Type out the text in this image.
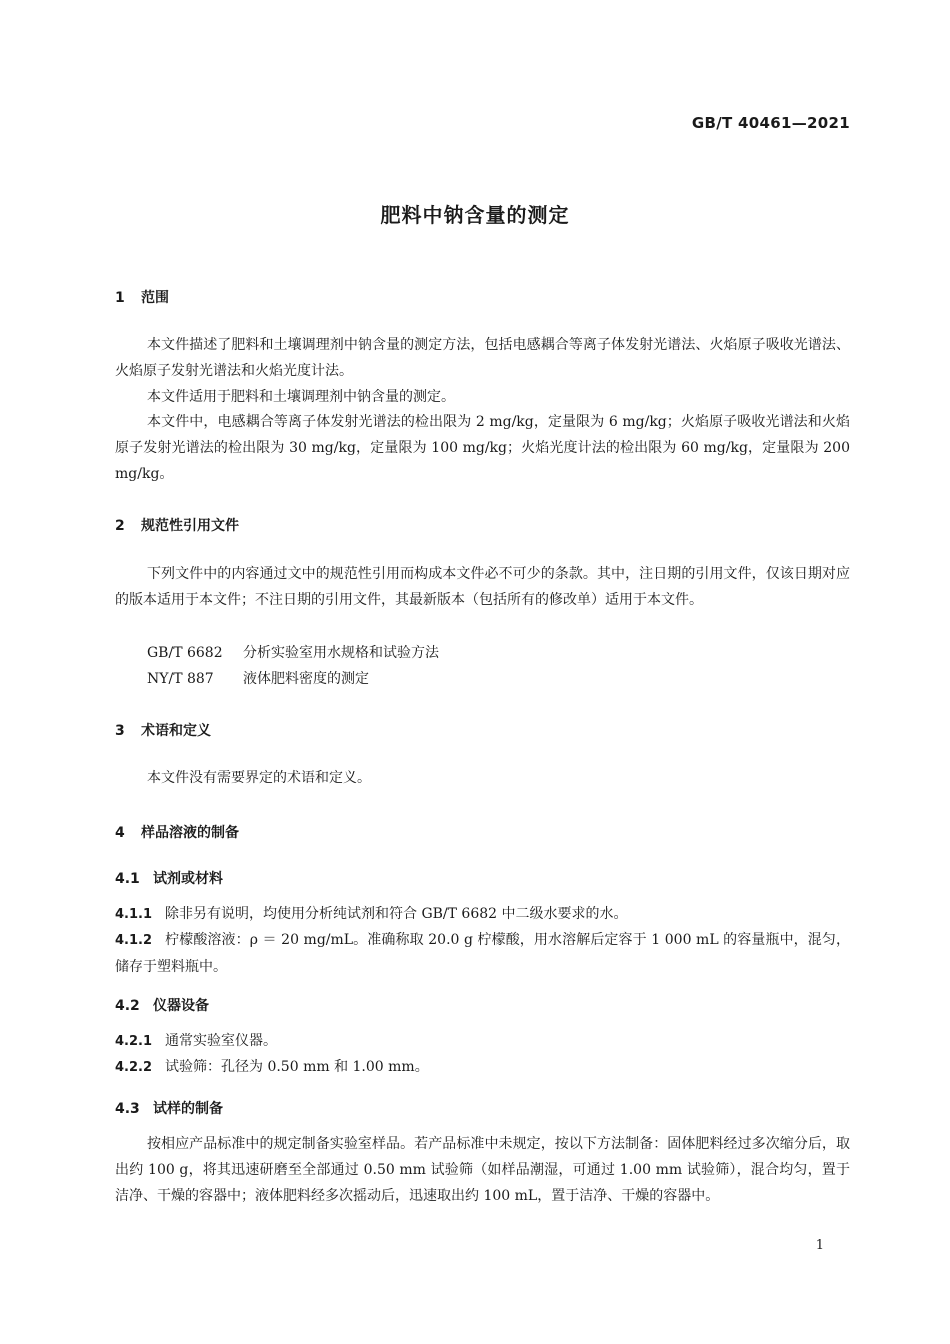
GB/T 40461—2021
肥料中钠含量的测定
1 范围
本文件描述了肥料和土壤调理剂中钠含量的测定方法，包括电感耦合等离子体发射光谱法、火焰原子吸收光谱法、火焰原子发射光谱法和火焰光度计法。
本文件适用于肥料和土壤调理剂中钠含量的测定。
本文件中，电感耦合等离子体发射光谱法的检出限为 2 mg/kg，定量限为 6 mg/kg；火焰原子吸收光谱法和火焰原子发射光谱法的检出限为 30 mg/kg，定量限为 100 mg/kg；火焰光度计法的检出限为 60 mg/kg，定量限为 200 mg/kg。
2 规范性引用文件
下列文件中的内容通过文中的规范性引用而构成本文件必不可少的条款。其中，注日期的引用文件，仅该日期对应的版本适用于本文件；不注日期的引用文件，其最新版本（包括所有的修改单）适用于本文件。
GB/T 6682 分析实验室用水规格和试验方法
NY/T 887 液体肥料密度的测定
3 术语和定义
本文件没有需要界定的术语和定义。
4 样品溶液的制备
4.1 试剂或材料
4.1.1 除非另有说明，均使用分析纯试剂和符合 GB/T 6682 中二级水要求的水。
4.1.2 柠檬酸溶液：ρ ＝ 20 mg/mL。准确称取 20.0 g 柠檬酸，用水溶解后定容于 1 000 mL 的容量瓶中，混匀，储存于塑料瓶中。
4.2 仪器设备
4.2.1 通常实验室仪器。
4.2.2 试验筛：孔径为 0.50 mm 和 1.00 mm。
4.3 试样的制备
按相应产品标准中的规定制备实验室样品。若产品标准中未规定，按以下方法制备：固体肥料经过多次缩分后，取出约 100 g，将其迅速研磨至全部通过 0.50 mm 试验筛（如样品潮湿，可通过 1.00 mm 试验筛），混合均匀，置于洁净、干燥的容器中；液体肥料经多次摇动后，迅速取出约 100 mL，置于洁净、干燥的容器中。
1
